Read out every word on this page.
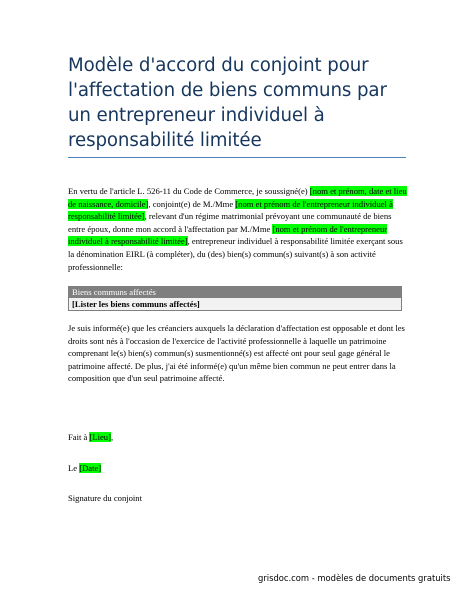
Modèle d'accord du conjoint pour l'affectation de biens communs par un entrepreneur individuel à responsabilité limitée
En vertu de l'article L. 526-11 du Code de Commerce, je soussigné(e) [nom et prénom, date et lieu de naissance, domicile], conjoint(e) de M./Mme [nom et prénom de l'entrepreneur individuel à responsabilité limitée], relevant d'un régime matrimonial prévoyant une communauté de biens entre époux, donne mon accord à l'affectation par M./Mme [nom et prénom de l'entrepreneur individuel à responsabilité limitée], entrepreneur individuel à responsabilité limitée exerçant sous la dénomination EIRL (à compléter), du (des) bien(s) commun(s) suivant(s) à son activité professionnelle:
Biens communs affectés
[Lister les biens communs affectés]
Je suis informé(e) que les créanciers auxquels la déclaration d'affectation est opposable et dont les droits sont nés à l'occasion de l'exercice de l'activité professionnelle à laquelle un patrimoine comprenant le(s) bien(s) commun(s) susmentionné(s) est affecté ont pour seul gage général le patrimoine affecté. De plus, j'ai été informé(e) qu'un même bien commun ne peut entrer dans la composition que d'un seul patrimoine affecté.
Fait à [Lieu],
Le [Date]
Signature du conjoint
grisdoc.com - modèles de documents gratuits
